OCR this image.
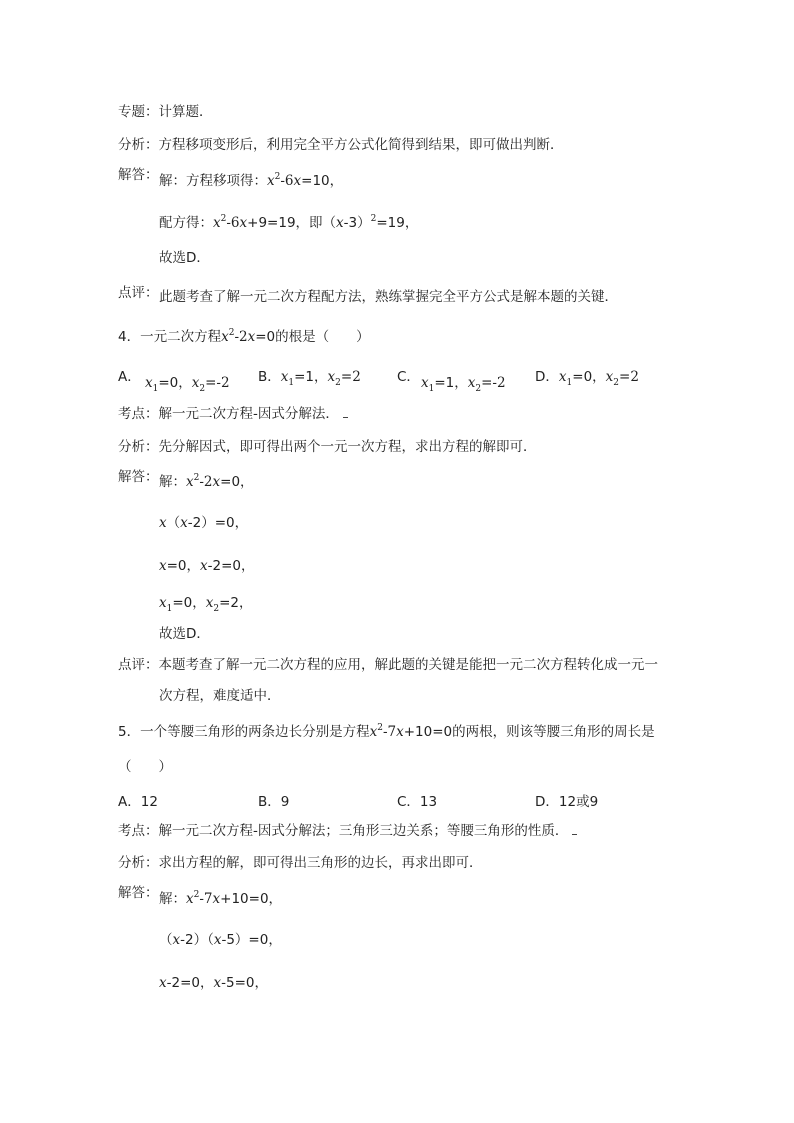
专题：计算题．
分析：方程移项变形后，利用完全平方公式化简得到结果，即可做出判断．
解答： 解：方程移项得：$x^2-6x=10$，
配方得：$x^2-6x+9=19$，即$(x-3)^2=19$，
故选D．
点评： 此题考查了解一元二次方程配方法，熟练掌握完全平方公式是解本题的关键．
4．一元二次方程$x^2-2x=0$的根是（　　）
A． $x_1=0$，$x_2=-2$ B．$x_1=1$，$x_2=2$	C． $x_1=1$，$x_2=-2$ D．$x_1=0$，$x_2=2$
考点：解一元二次方程-因式分解法．
分析：先分解因式，即可得出两个一元一次方程，求出方程的解即可．
解答： 解：$x^2-2x=0$，
x（x-2）=0，
x=0，x-2=0，
$x_1=0$，$x_2=2$，
故选D．
点评：本题考查了解一元二次方程的应用，解此题的关键是能把一元二次方程转化成一元一
次方程，难度适中．
5．一个等腰三角形的两条边长分别是方程$x^2-7x+10=0$的两根，则该等腰三角形的周长是
（　　）
A．12	B．9	C．13	D．12或9
考点：解一元二次方程-因式分解法；三角形三边关系；等腰三角形的性质．
分析：求出方程的解，即可得出三角形的边长，再求出即可．
解答： 解：$x^2-7x+10=0$，
（x-2）（x-5）=0，
x-2=0，x-5=0，
